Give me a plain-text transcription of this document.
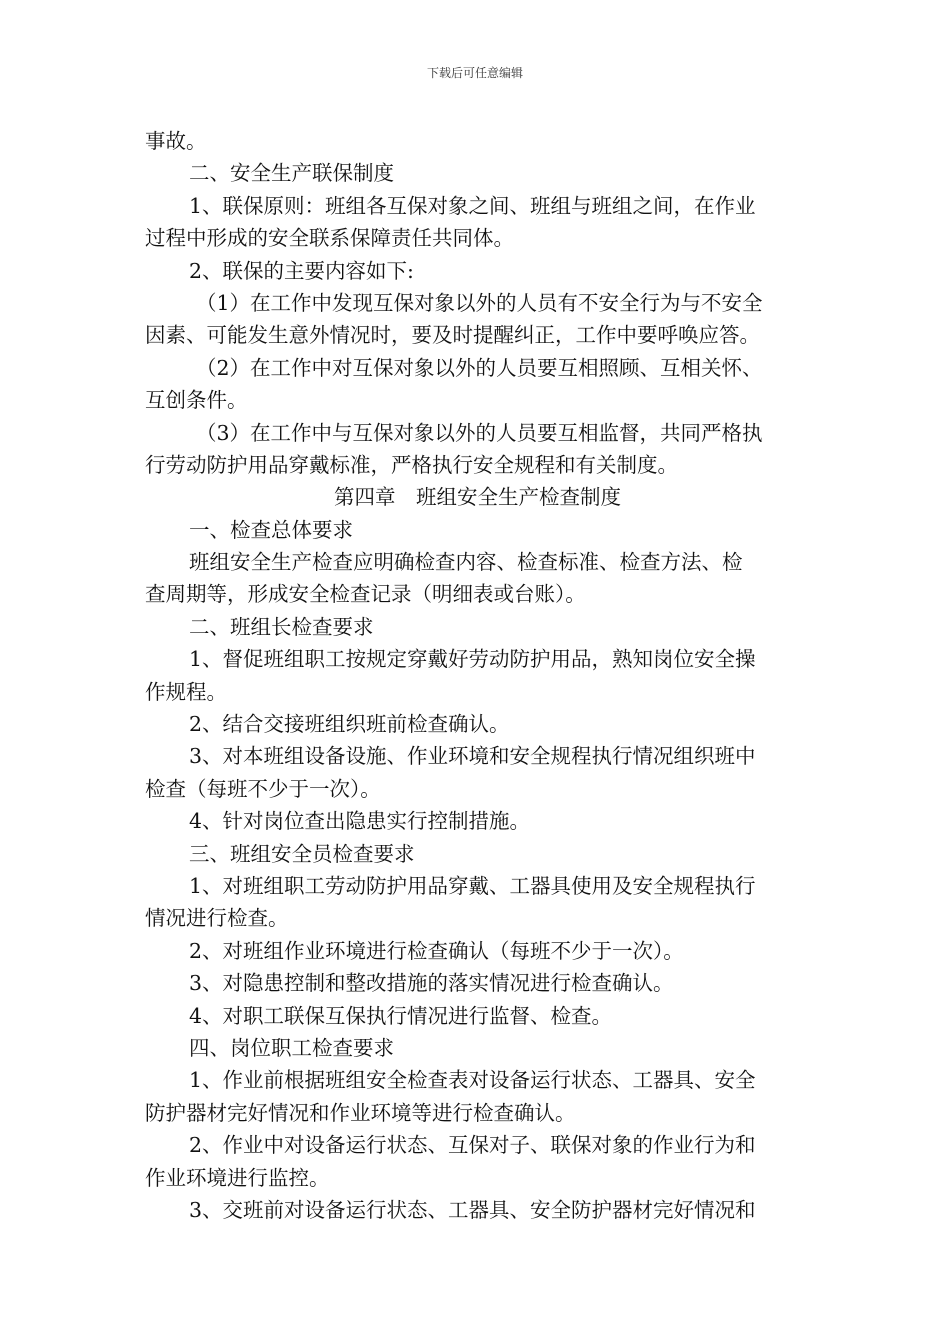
下载后可任意编辑
事故。
二、安全生产联保制度
1、联保原则：班组各互保对象之间、班组与班组之间，在作业
过程中形成的安全联系保障责任共同体。
2、联保的主要内容如下:
（1）在工作中发现互保对象以外的人员有不安全行为与不安全
因素、可能发生意外情况时，要及时提醒纠正，工作中要呼唤应答。
（2）在工作中对互保对象以外的人员要互相照顾、互相关怀、
互创条件。
（3）在工作中与互保对象以外的人员要互相监督，共同严格执
行劳动防护用品穿戴标准，严格执行安全规程和有关制度。
第四章　班组安全生产检查制度
一、检查总体要求
班组安全生产检查应明确检查内容、检查标准、检查方法、检
查周期等，形成安全检查记录（明细表或台账）。
二、班组长检查要求
1、督促班组职工按规定穿戴好劳动防护用品，熟知岗位安全操
作规程。
2、结合交接班组织班前检查确认。
3、对本班组设备设施、作业环境和安全规程执行情况组织班中
检查（每班不少于一次）。
4、针对岗位查出隐患实行控制措施。
三、班组安全员检查要求
1、对班组职工劳动防护用品穿戴、工器具使用及安全规程执行
情况进行检查。
2、对班组作业环境进行检查确认（每班不少于一次）。
3、对隐患控制和整改措施的落实情况进行检查确认。
4、对职工联保互保执行情况进行监督、检查。
四、岗位职工检查要求
1、作业前根据班组安全检查表对设备运行状态、工器具、安全
防护器材完好情况和作业环境等进行检查确认。
2、作业中对设备运行状态、互保对子、联保对象的作业行为和
作业环境进行监控。
3、交班前对设备运行状态、工器具、安全防护器材完好情况和
